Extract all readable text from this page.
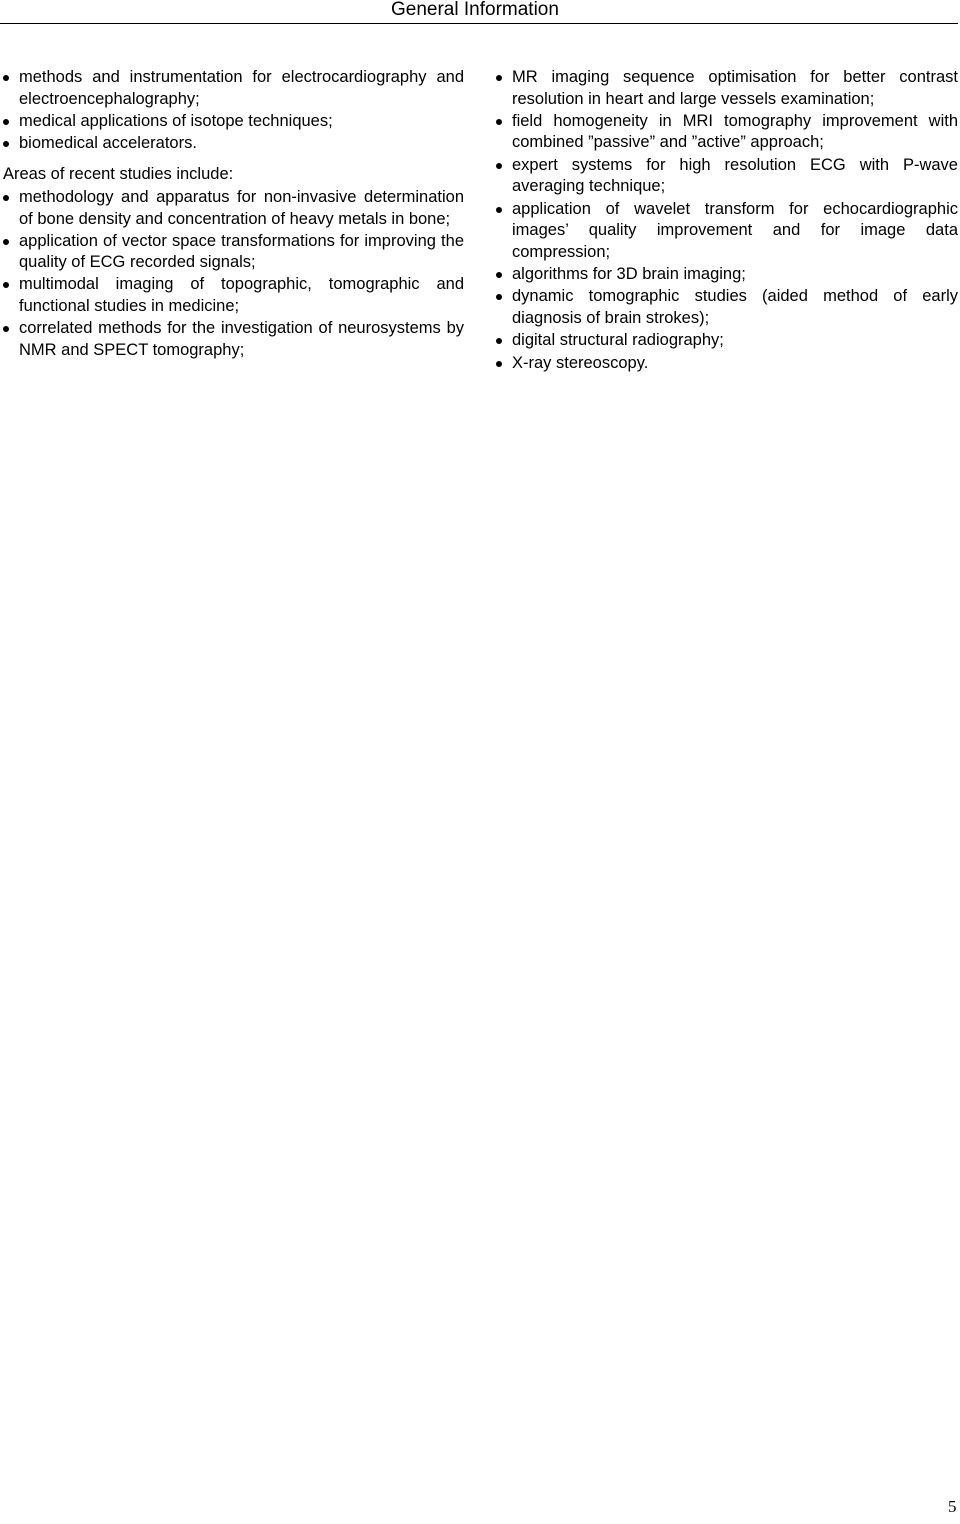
General Information
methods and instrumentation for electrocardiography and electroencephalography;
medical applications of isotope techniques;
biomedical accelerators.
Areas of recent studies include:
methodology and apparatus for non-invasive determination of bone density and concentration of heavy metals in bone;
application of vector space transformations for improving the quality of ECG recorded signals;
multimodal imaging of topographic, tomographic and functional studies in medicine;
correlated methods for the investigation of neurosystems by NMR and SPECT tomography;
MR imaging sequence optimisation for better contrast resolution in heart and large vessels examination;
field homogeneity in MRI tomography improvement with combined ”passive” and ”active” approach;
expert systems for high resolution ECG with P-wave averaging technique;
application of wavelet transform for echocardiographic images’ quality improvement and for image data compression;
algorithms for 3D brain imaging;
dynamic tomographic studies (aided method of early diagnosis of brain strokes);
digital structural radiography;
X-ray stereoscopy.
5
